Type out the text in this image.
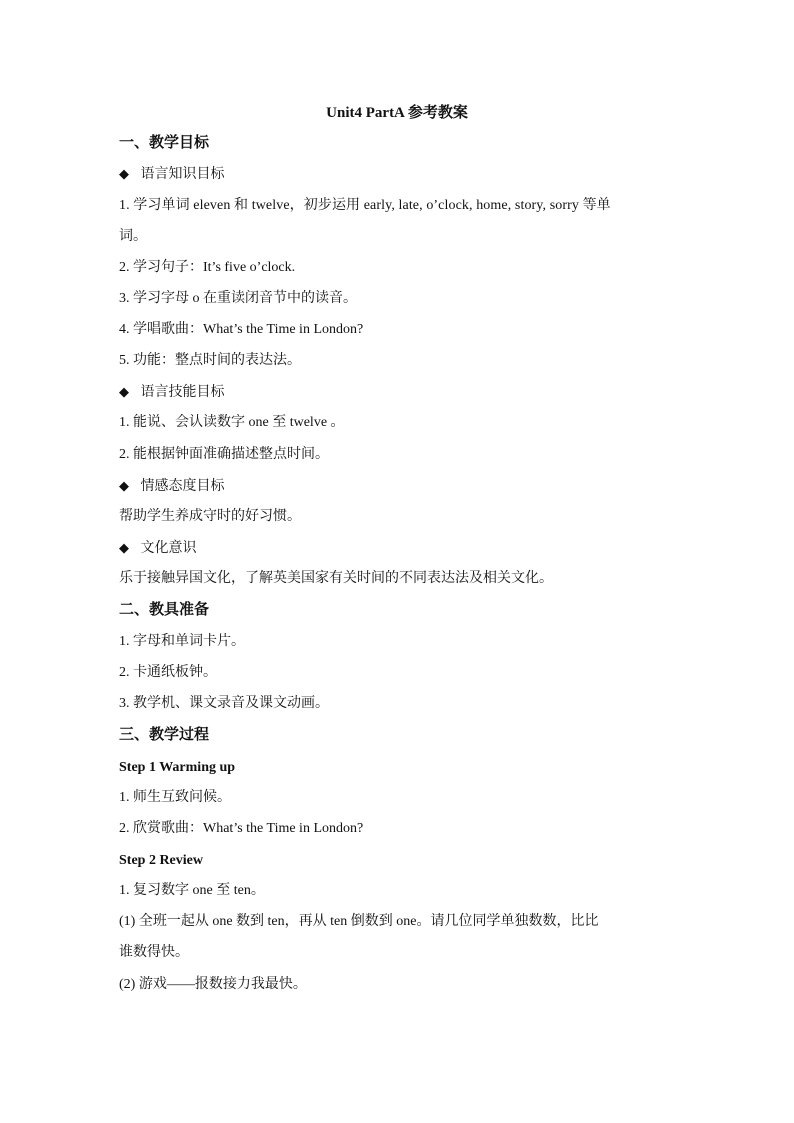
Unit4 PartA 参考教案
一、教学目标
◆ 语言知识目标
1. 学习单词 eleven 和 twelve，初步运用 early, late, o’clock, home, story, sorry 等单
词。
2. 学习句子：It’s five o’clock.
3. 学习字母 o 在重读闭音节中的读音。
4. 学唱歌曲：What’s the Time in London?
5. 功能：整点时间的表达法。
◆ 语言技能目标
1. 能说、会认读数字 one 至 twelve 。
2. 能根据钟面准确描述整点时间。
◆ 情感态度目标
帮助学生养成守时的好习惯。
◆ 文化意识
乐于接触异国文化，了解英美国家有关时间的不同表达法及相关文化。
二、教具准备
1. 字母和单词卡片。
2. 卡通纸板钟。
3. 教学机、课文录音及课文动画。
三、教学过程
Step 1 Warming up
1. 师生互致问候。
2. 欣赏歌曲：What’s the Time in London?
Step 2 Review
1. 复习数字 one 至 ten。
(1) 全班一起从 one 数到 ten，再从 ten 倒数到 one。请几位同学单独数数，比比
谁数得快。
(2) 游戏——报数接力我最快。
